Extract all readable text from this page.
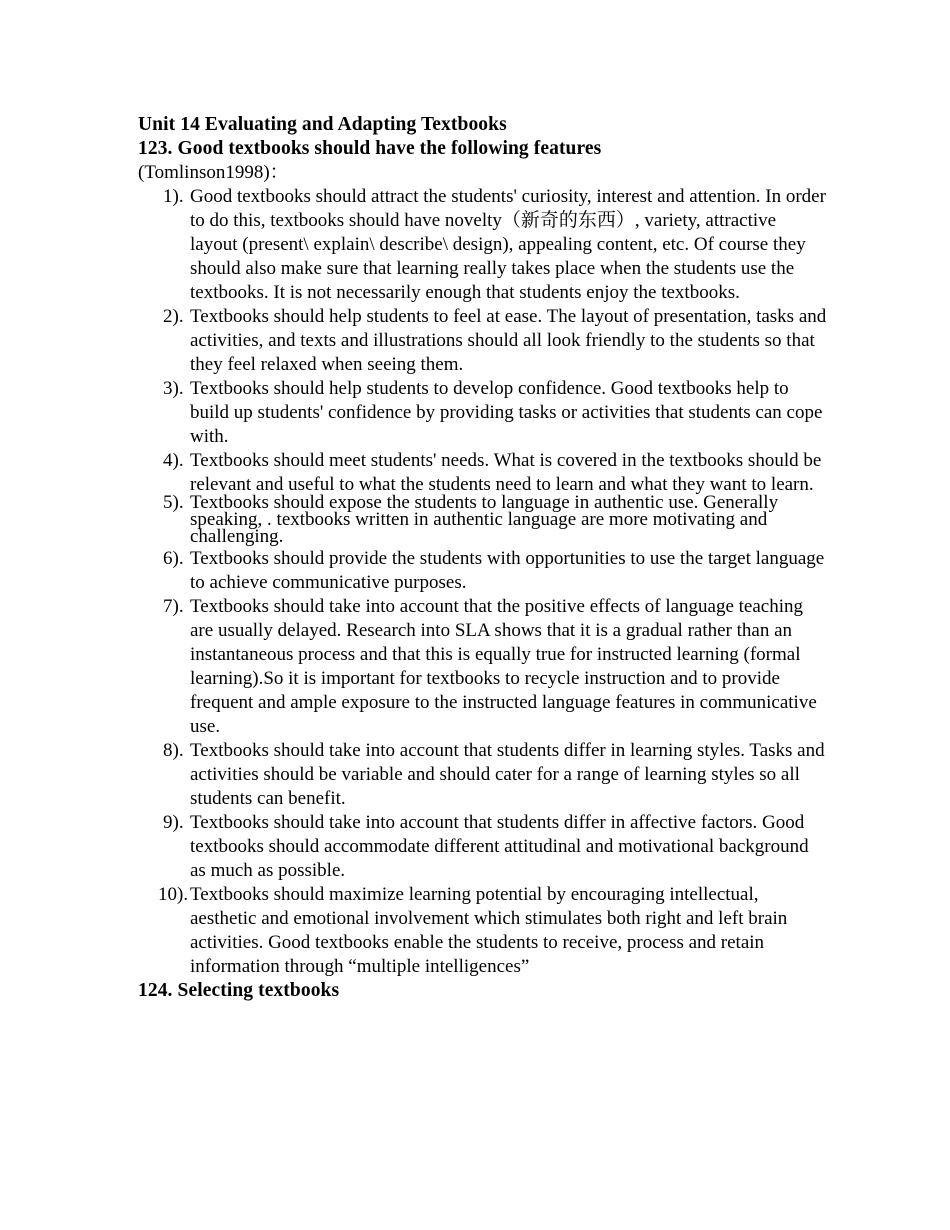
Unit 14 Evaluating and Adapting Textbooks

123. Good textbooks should have the following features

(Tomlinson1998)：

1). Good textbooks should attract the students' curiosity, interest and attention. In order to do this, textbooks should have novelty（新奇的东西）, variety, attractive layout (present\ explain\ describe\ design), appealing content, etc. Of course they should also make sure that learning really takes place when the students use the textbooks. It is not necessarily enough that students enjoy the textbooks.
2). Textbooks should help students to feel at ease. The layout of presentation, tasks and activities, and texts and illustrations should all look friendly to the students so that they feel relaxed when seeing them.
3). Textbooks should help students to develop confidence. Good textbooks help to build up students' confidence by providing tasks or activities that students can cope with.
4). Textbooks should meet students' needs. What is covered in the textbooks should be relevant and useful to what the students need to learn and what they want to learn.
5). Textbooks should expose the students to language in authentic use. Generally speaking, . textbooks written in authentic language are more motivating and challenging.
6). Textbooks should provide the students with opportunities to use the target language to achieve communicative purposes.
7). Textbooks should take into account that the positive effects of language teaching are usually delayed. Research into SLA shows that it is a gradual rather than an instantaneous process and that this is equally true for instructed learning (formal learning).So it is important for textbooks to recycle instruction and to provide frequent and ample exposure to the instructed language features in communicative use.
8). Textbooks should take into account that students differ in learning styles. Tasks and activities should be variable and should cater for a range of learning styles so all students can benefit.
9). Textbooks should take into account that students differ in affective factors. Good textbooks should accommodate different attitudinal and motivational background as much as possible.
10). Textbooks should maximize learning potential by encouraging intellectual, aesthetic and emotional involvement which stimulates both right and left brain activities. Good textbooks enable the students to receive, process and retain information through “multiple intelligences”

124. Selecting textbooks
